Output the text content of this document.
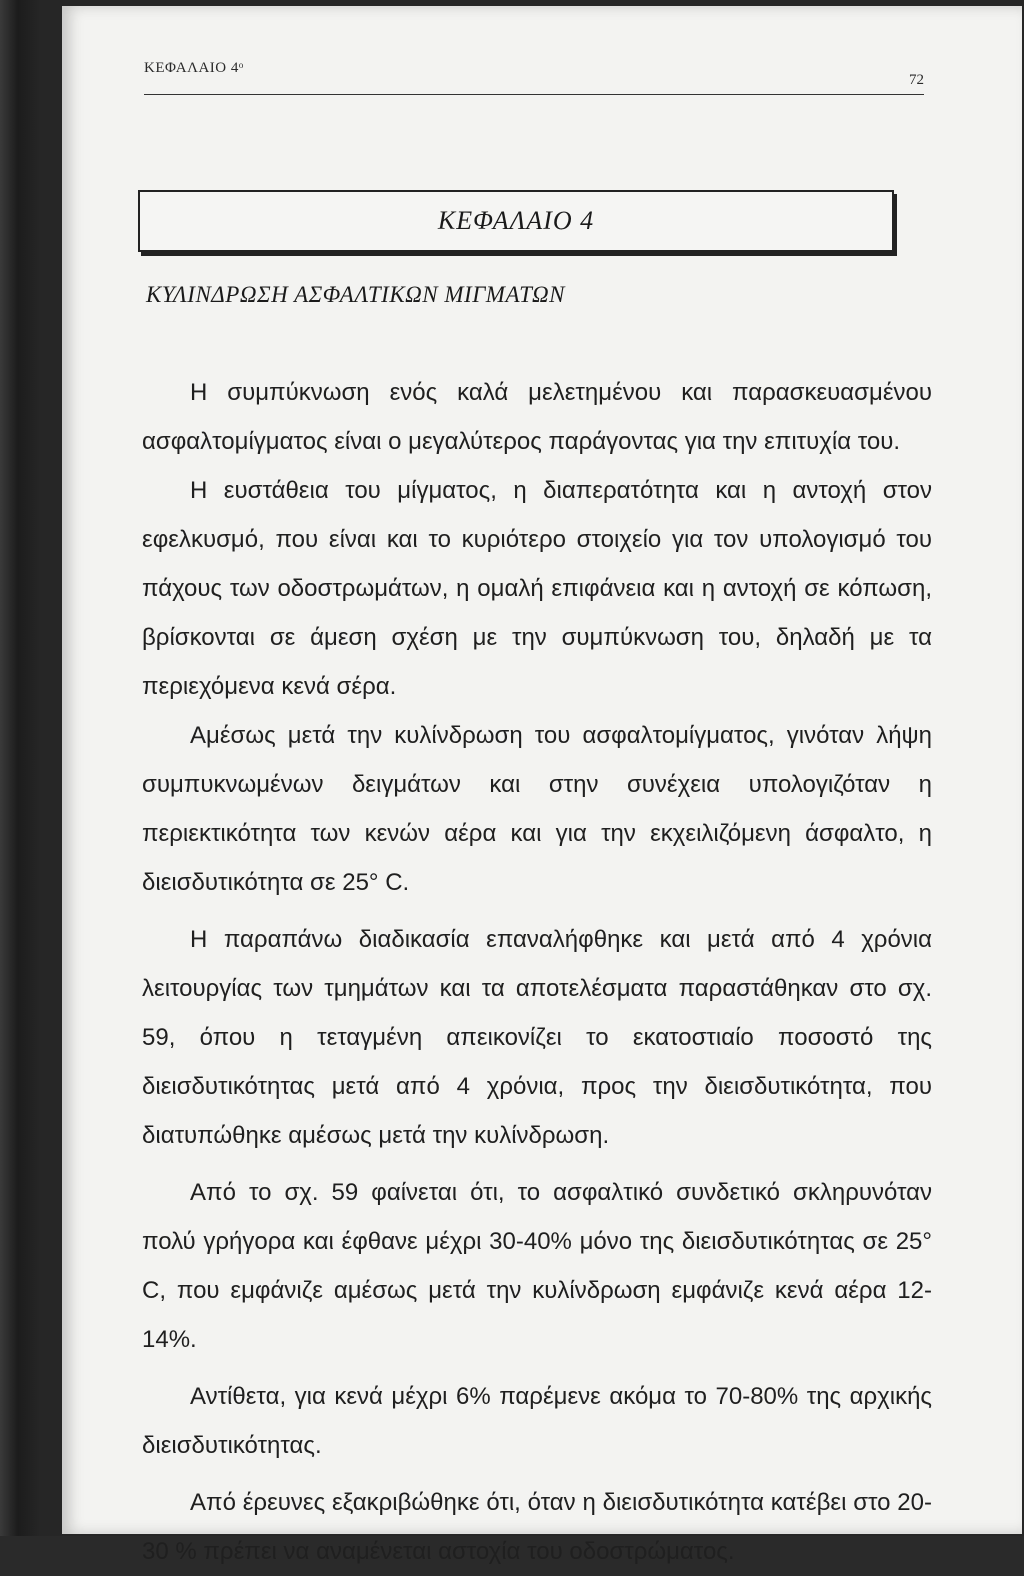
ΚΕΦΑΛΑΙΟ 4ᵒ
72
ΚΕΦΑΛΑΙΟ 4
ΚΥΛΙΝΔΡΩΣΗ ΑΣΦΑΛΤΙΚΩΝ ΜΙΓΜΑΤΩΝ

Η συμπύκνωση ενός καλά μελετημένου και παρασκευασμένου ασφαλτομίγματος είναι ο μεγαλύτερος παράγοντας για την επιτυχία του.

Η ευστάθεια του μίγματος, η διαπερατότητα και η αντοχή στον εφελκυσμό, που είναι και το κυριότερο στοιχείο για τον υπολογισμό του πάχους των οδοστρωμάτων, η ομαλή επιφάνεια και η αντοχή σε κόπωση, βρίσκονται σε άμεση σχέση με την συμπύκνωση του, δηλαδή με τα περιεχόμενα κενά σέρα.

Αμέσως μετά την κυλίνδρωση του ασφαλτομίγματος, γινόταν λήψη συμπυκνωμένων δειγμάτων και στην συνέχεια υπολογιζόταν η περιεκτικότητα των κενών αέρα και για την εκχειλιζόμενη άσφαλτο, η διεισδυτικότητα σε 25° C.

Η παραπάνω διαδικασία επαναλήφθηκε και μετά από 4 χρόνια λειτουργίας των τμημάτων και τα αποτελέσματα παραστάθηκαν στο σχ. 59, όπου η τεταγμένη απεικονίζει το εκατοστιαίο ποσοστό της διεισδυτικότητας μετά από 4 χρόνια, προς την διεισδυτικότητα, που διατυπώθηκε αμέσως μετά την κυλίνδρωση.

Από το σχ. 59 φαίνεται ότι, το ασφαλτικό συνδετικό σκληρυνόταν πολύ γρήγορα και έφθανε μέχρι 30-40% μόνο της διεισδυτικότητας σε 25° C, που εμφάνιζε αμέσως μετά την κυλίνδρωση εμφάνιζε κενά αέρα 12-14%.

Αντίθετα, για κενά μέχρι 6% παρέμενε ακόμα το 70-80% της αρχικής διεισδυτικότητας.

Από έρευνες εξακριβώθηκε ότι, όταν η διεισδυτικότητα κατέβει στο 20-30 % πρέπει να αναμένεται αστοχία του οδοστρώματος.
